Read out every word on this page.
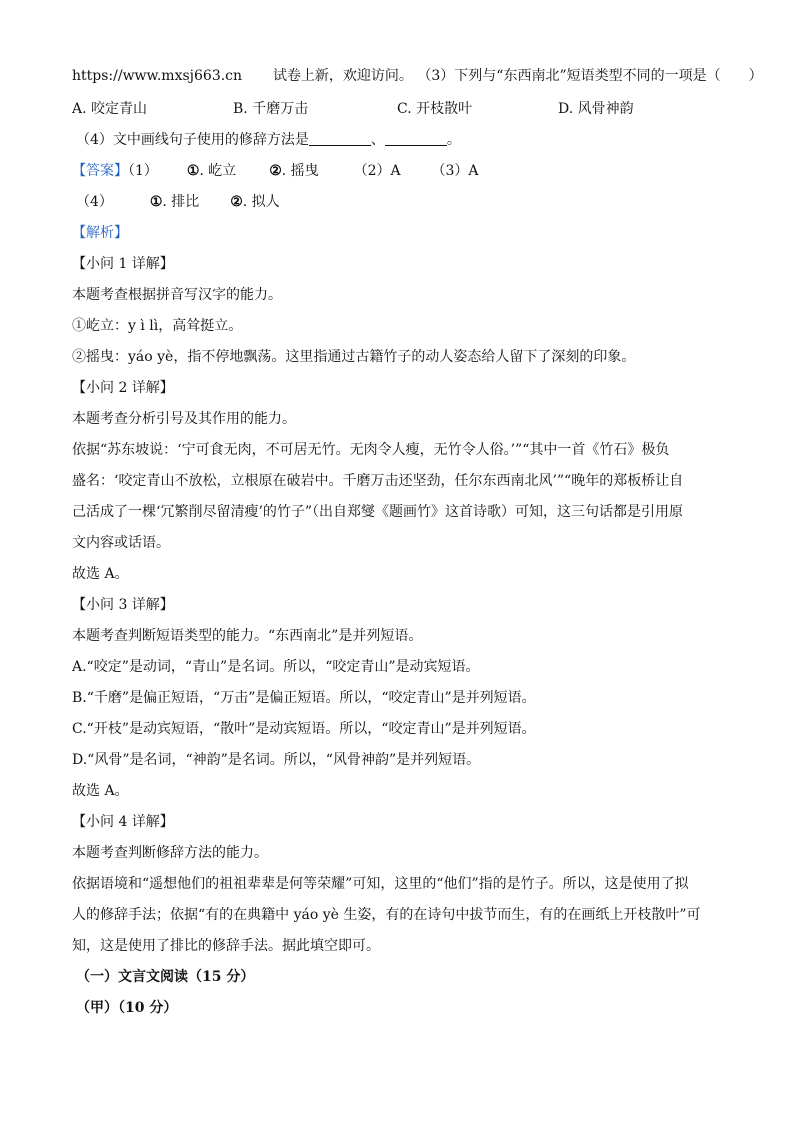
https://www.mxsj663.cn 试卷上新，欢迎访问。 （3）下列与“东西南北”短语类型不同的一项是（　　）
A. 咬定青山	B. 千磨万击	C. 开枝散叶	D. 风骨神韵
（4）文中画线句子使用的修辞方法是	、	。
【答案】（1） ①. 屹立 ②. 摇曳 （2）A （3）A
（4）	①. 排比 ②. 拟人
【解析】
【小问 1 详解】
本题考查根据拼音写汉字的能力。
①屹立：y ì lì，高耸挺立。
②摇曳：yáo yè，指不停地飘荡。这里指通过古籍竹子的动人姿态给人留下了深刻的印象。
【小问 2 详解】
本题考查分析引号及其作用的能力。
依据“苏东坡说：‘宁可食无肉，不可居无竹。无肉令人瘦，无竹令人俗。’”“其中一首《竹石》极负
盛名：‘咬定青山不放松，立根原在破岩中。千磨万击还坚劲，任尔东西南北风’”“晚年的郑板桥让自
己活成了一棵‘冗繁削尽留清瘦’的竹子”（出自郑燮《题画竹》这首诗歌）可知，这三句话都是引用原
文内容或话语。
故选 A。
【小问 3 详解】
本题考查判断短语类型的能力。“东西南北”是并列短语。
A.“咬定”是动词，“青山”是名词。所以，“咬定青山”是动宾短语。
B.“千磨”是偏正短语，“万击”是偏正短语。所以，“咬定青山”是并列短语。
C.“开枝”是动宾短语，“散叶”是动宾短语。所以，“咬定青山”是并列短语。
D.“风骨”是名词，“神韵”是名词。所以，“风骨神韵”是并列短语。
故选 A。
【小问 4 详解】
本题考查判断修辞方法的能力。
依据语境和“遥想他们的祖祖辈辈是何等荣耀”可知，这里的“他们”指的是竹子。所以，这是使用了拟
人的修辞手法；依据“有的在典籍中 yáo yè 生姿，有的在诗句中拔节而生，有的在画纸上开枝散叶”可
知，这是使用了排比的修辞手法。据此填空即可。
（一）文言文阅读（15 分）
（甲）（10 分）
